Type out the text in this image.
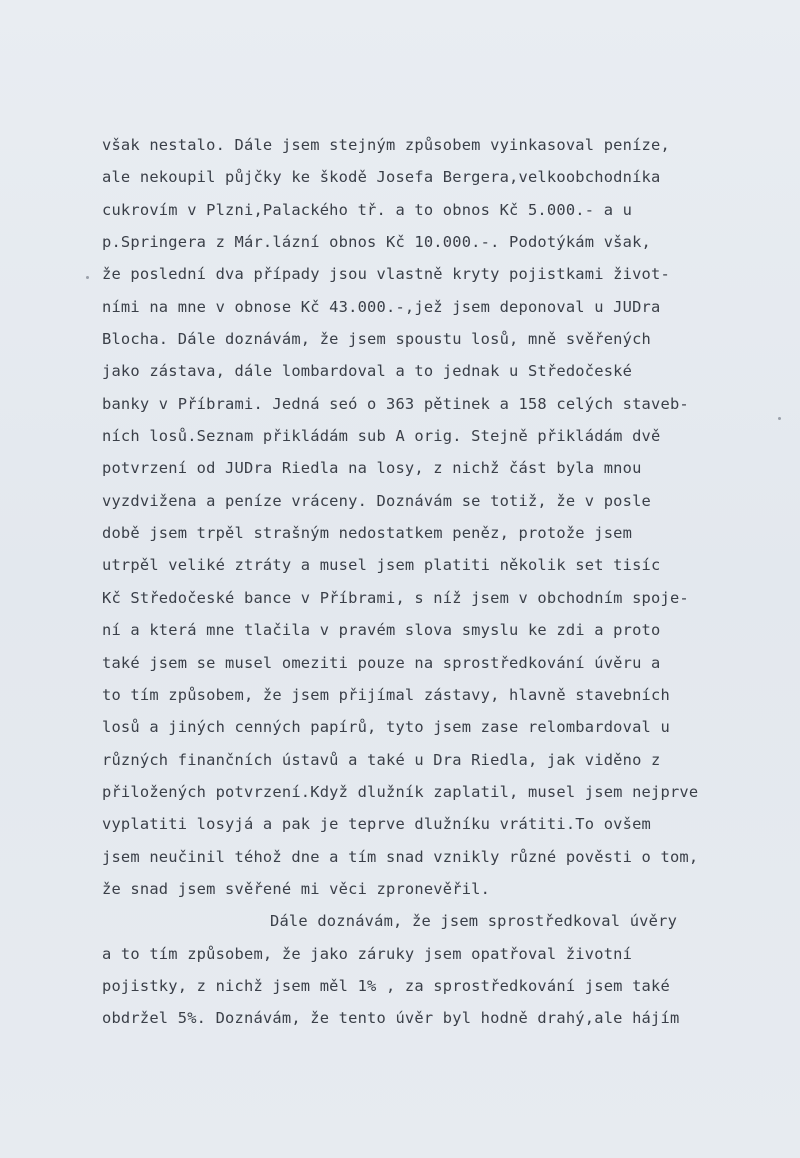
však nestalo. Dále jsem stejným způsobem vyinkasoval peníze,
ale nekoupil půjčky ke škodě Josefa Bergera,velkoobchodníka
cukrovím v Plzni,Palackého tř. a to obnos Kč 5.000.- a u
p.Springera z Már.lázní obnos Kč 10.000.-. Podotýkám však,
že poslední dva případy jsou vlastně kryty pojistkami život-
ními na mne v obnose Kč 43.000.-,jež jsem deponoval u JUDra
Blocha. Dále doznávám, že jsem spoustu losů, mně svěřených
jako zástava, dále lombardoval a to jednak u Středočeské
banky v Příbrami. Jedná seó o 363 pětinek a 158 celých staveb-
ních losů.Seznam přikládám sub A orig. Stejně přikládám dvě
potvrzení od JUDra Riedla na losy, z nichž část byla mnou
vyzdvižena a peníze vráceny. Doznávám se totiž, že v posle
době jsem trpěl strašným nedostatkem peněz, protože jsem
utrpěl veliké ztráty a musel jsem platiti několik set tisíc
Kč Středočeské bance v Příbrami, s níž jsem v obchodním spoje-
ní a která mne tlačila v pravém slova smyslu ke zdi a proto
také jsem se musel omeziti pouze na sprostředkování úvěru a
to tím způsobem, že jsem přijímal zástavy, hlavně stavebních
losů a jiných cenných papírů, tyto jsem zase relombardoval u
různých finančních ústavů a také u Dra Riedla, jak viděno z
přiložených potvrzení.Když dlužník zaplatil, musel jsem nejprve
vyplatiti losyjá a pak je teprve dlužníku vrátiti.To ovšem
jsem neučinil téhož dne a tím snad vznikly různé pověsti o tom,
že snad jsem svěřené mi věci zpronevěřil.
Dále doznávám, že jsem sprostředkoval úvěry
a to tím způsobem, že jako záruky jsem opatřoval životní
pojistky, z nichž jsem měl 1% , za sprostředkování jsem také
obdržel 5%. Doznávám, že tento úvěr byl hodně drahý,ale hájím
